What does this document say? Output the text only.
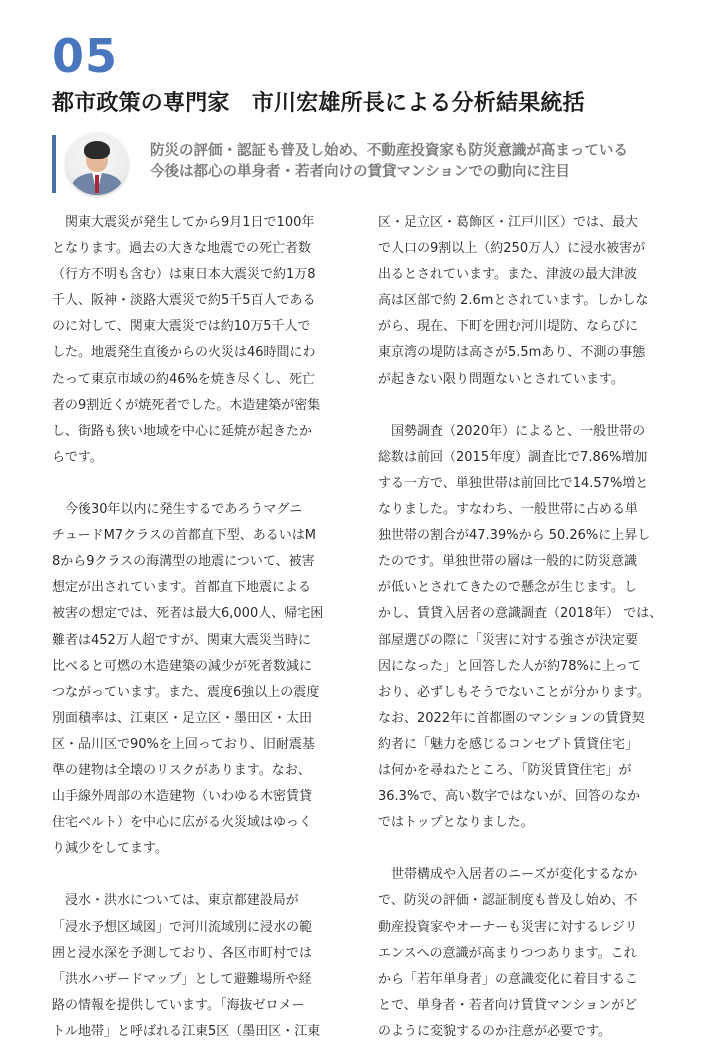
05
都市政策の専門家　市川宏雄所長による分析結果統括
防災の評価・認証も普及し始め、不動産投資家も防災意識が高まっている
今後は都心の単身者・若者向けの賃貸マンションでの動向に注目
　関東大震災が発生してから9月1日で100年
となります。過去の大きな地震での死亡者数
（行方不明も含む）は東日本大震災で約1万8
千人、阪神・淡路大震災で約5千5百人である
のに対して、関東大震災では約10万5千人で
した。地震発生直後からの火災は46時間にわ
たって東京市域の約46%を焼き尽くし、死亡
者の9割近くが焼死者でした。木造建築が密集
し、街路も狭い地域を中心に延焼が起きたか
らです。
　今後30年以内に発生するであろうマグニ
チュードM7クラスの首都直下型、あるいはM
8から9クラスの海溝型の地震について、被害
想定が出されています。首都直下地震による
被害の想定では、死者は最大6,000人、帰宅困
難者は452万人超ですが、関東大震災当時に
比べると可燃の木造建築の減少が死者数減に
つながっています。また、震度6強以上の震度
別面積率は、江東区・足立区・墨田区・太田
区・品川区で90%を上回っており、旧耐震基
準の建物は全壊のリスクがあります。なお、
山手線外周部の木造建物（いわゆる木密賃貸
住宅ベルト）を中心に広がる火災域はゆっく
り減少をしてます。
　浸水・洪水については、東京都建設局が
「浸水予想区域図」で河川流域別に浸水の範
囲と浸水深を予測しており、各区市町村では
「洪水ハザードマップ」として避難場所や経
路の情報を提供しています。「海抜ゼロメー
トル地帯」と呼ばれる江東5区（墨田区・江東
区・足立区・葛飾区・江戸川区）では、最大
で人口の9割以上（約250万人）に浸水被害が
出るとされています。また、津波の最大津波
高は区部で約 2.6mとされています。しかしな
がら、現在、下町を囲む河川堤防、ならびに
東京湾の堤防は高さが5.5mあり、不測の事態
が起きない限り問題ないとされています。
　国勢調査（2020年）によると、一般世帯の
総数は前回（2015年度）調査比で7.86%増加
する一方で、単独世帯は前回比で14.57%増と
なりました。すなわち、一般世帯に占める単
独世帯の割合が47.39%から 50.26%に上昇し
たのです。単独世帯の層は一般的に防災意識
が低いとされてきたので懸念が生じます。し
かし、賃貸入居者の意識調査（2018年） では、
部屋選びの際に「災害に対する強さが決定要
因になった」と回答した人が約78%に上って
おり、必ずしもそうでないことが分かります。
なお、2022年に首都圏のマンションの賃貸契
約者に「魅力を感じるコンセプト賃貸住宅」
は何かを尋ねたところ、「防災賃貸住宅」が
36.3%で、高い数字ではないが、回答のなか
ではトップとなりました。
　世帯構成や入居者のニーズが変化するなか
で、防災の評価・認証制度も普及し始め、不
動産投資家やオーナーも災害に対するレジリ
エンスへの意識が高まりつつあります。これ
から「若年単身者」の意識変化に着目するこ
とで、単身者・若者向け賃貸マンションがど
のように変貌するのか注意が必要です。
